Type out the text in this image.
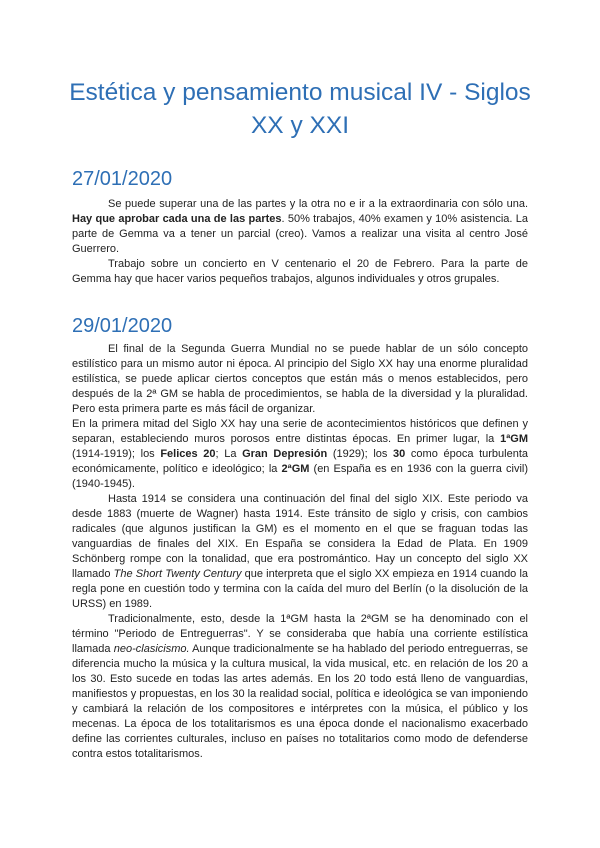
Estética y pensamiento musical IV - Siglos XX y XXI
27/01/2020

Se puede superar una de las partes y la otra no e ir a la extraordinaria con sólo una. Hay que aprobar cada una de las partes. 50% trabajos, 40% examen y 10% asistencia. La parte de Gemma va a tener un parcial (creo). Vamos a realizar una visita al centro José Guerrero.

Trabajo sobre un concierto en V centenario el 20 de Febrero. Para la parte de Gemma hay que hacer varios pequeños trabajos, algunos individuales y otros grupales.

29/01/2020

El final de la Segunda Guerra Mundial no se puede hablar de un sólo concepto estilístico para un mismo autor ni época. Al principio del Siglo XX hay una enorme pluralidad estilística, se puede aplicar ciertos conceptos que están más o menos establecidos, pero después de la 2ª GM se habla de procedimientos, se habla de la diversidad y la pluralidad. Pero esta primera parte es más fácil de organizar.

En la primera mitad del Siglo XX hay una serie de acontecimientos históricos que definen y separan, estableciendo muros porosos entre distintas épocas. En primer lugar, la 1ªGM (1914-1919); los Felices 20; La Gran Depresión (1929); los 30 como época turbulenta económicamente, político e ideológico; la 2ªGM (en España es en 1936 con la guerra civil) (1940-1945).

Hasta 1914 se considera una continuación del final del siglo XIX. Este periodo va desde 1883 (muerte de Wagner) hasta 1914. Este tránsito de siglo y crisis, con cambios radicales (que algunos justifican la GM) es el momento en el que se fraguan todas las vanguardias de finales del XIX. En España se considera la Edad de Plata. En 1909 Schönberg rompe con la tonalidad, que era postromántico. Hay un concepto del siglo XX llamado The Short Twenty Century que interpreta que el siglo XX empieza en 1914 cuando la regla pone en cuestión todo y termina con la caída del muro del Berlín (o la disolución de la URSS) en 1989.

Tradicionalmente, esto, desde la 1ªGM hasta la 2ªGM se ha denominado con el término "Periodo de Entreguerras". Y se consideraba que había una corriente estilística llamada neo-clasicismo. Aunque tradicionalmente se ha hablado del periodo entreguerras, se diferencia mucho la música y la cultura musical, la vida musical, etc. en relación de los 20 a los 30. Esto sucede en todas las artes además. En los 20 todo está lleno de vanguardias, manifiestos y propuestas, en los 30 la realidad social, política e ideológica se van imponiendo y cambiará la relación de los compositores e intérpretes con la música, el público y los mecenas. La época de los totalitarismos es una época donde el nacionalismo exacerbado define las corrientes culturales, incluso en países no totalitarios como modo de defenderse contra estos totalitarismos.
